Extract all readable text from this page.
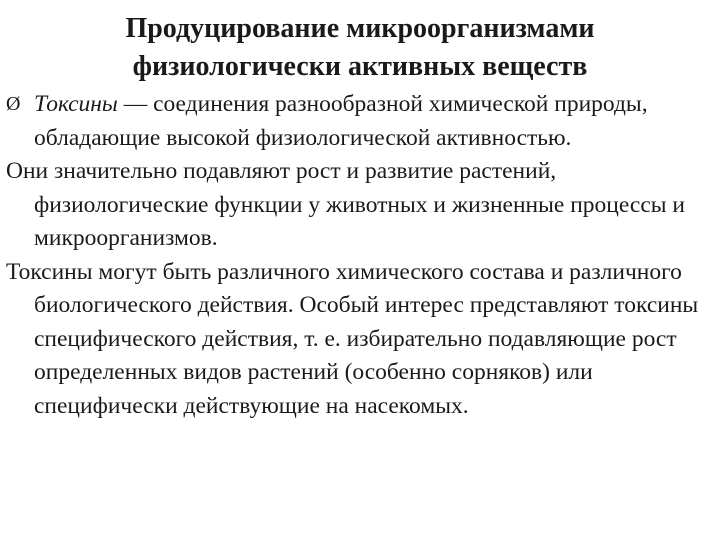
Продуцирование микроорганизмами
физиологически активных веществ

Ø Токсины — соединения разнообразной химической природы, обладающие высокой физиологической активностью.

Они значительно подавляют рост и развитие растений, физиологические функции у животных и жизненные процессы и микроорганизмов.

Токсины могут быть различного химического состава и различного биологического действия. Особый интерес представляют токсины специфического действия, т. е. избирательно подавляющие рост определенных видов растений (особенно сорняков) или специфически действующие на насекомых.
